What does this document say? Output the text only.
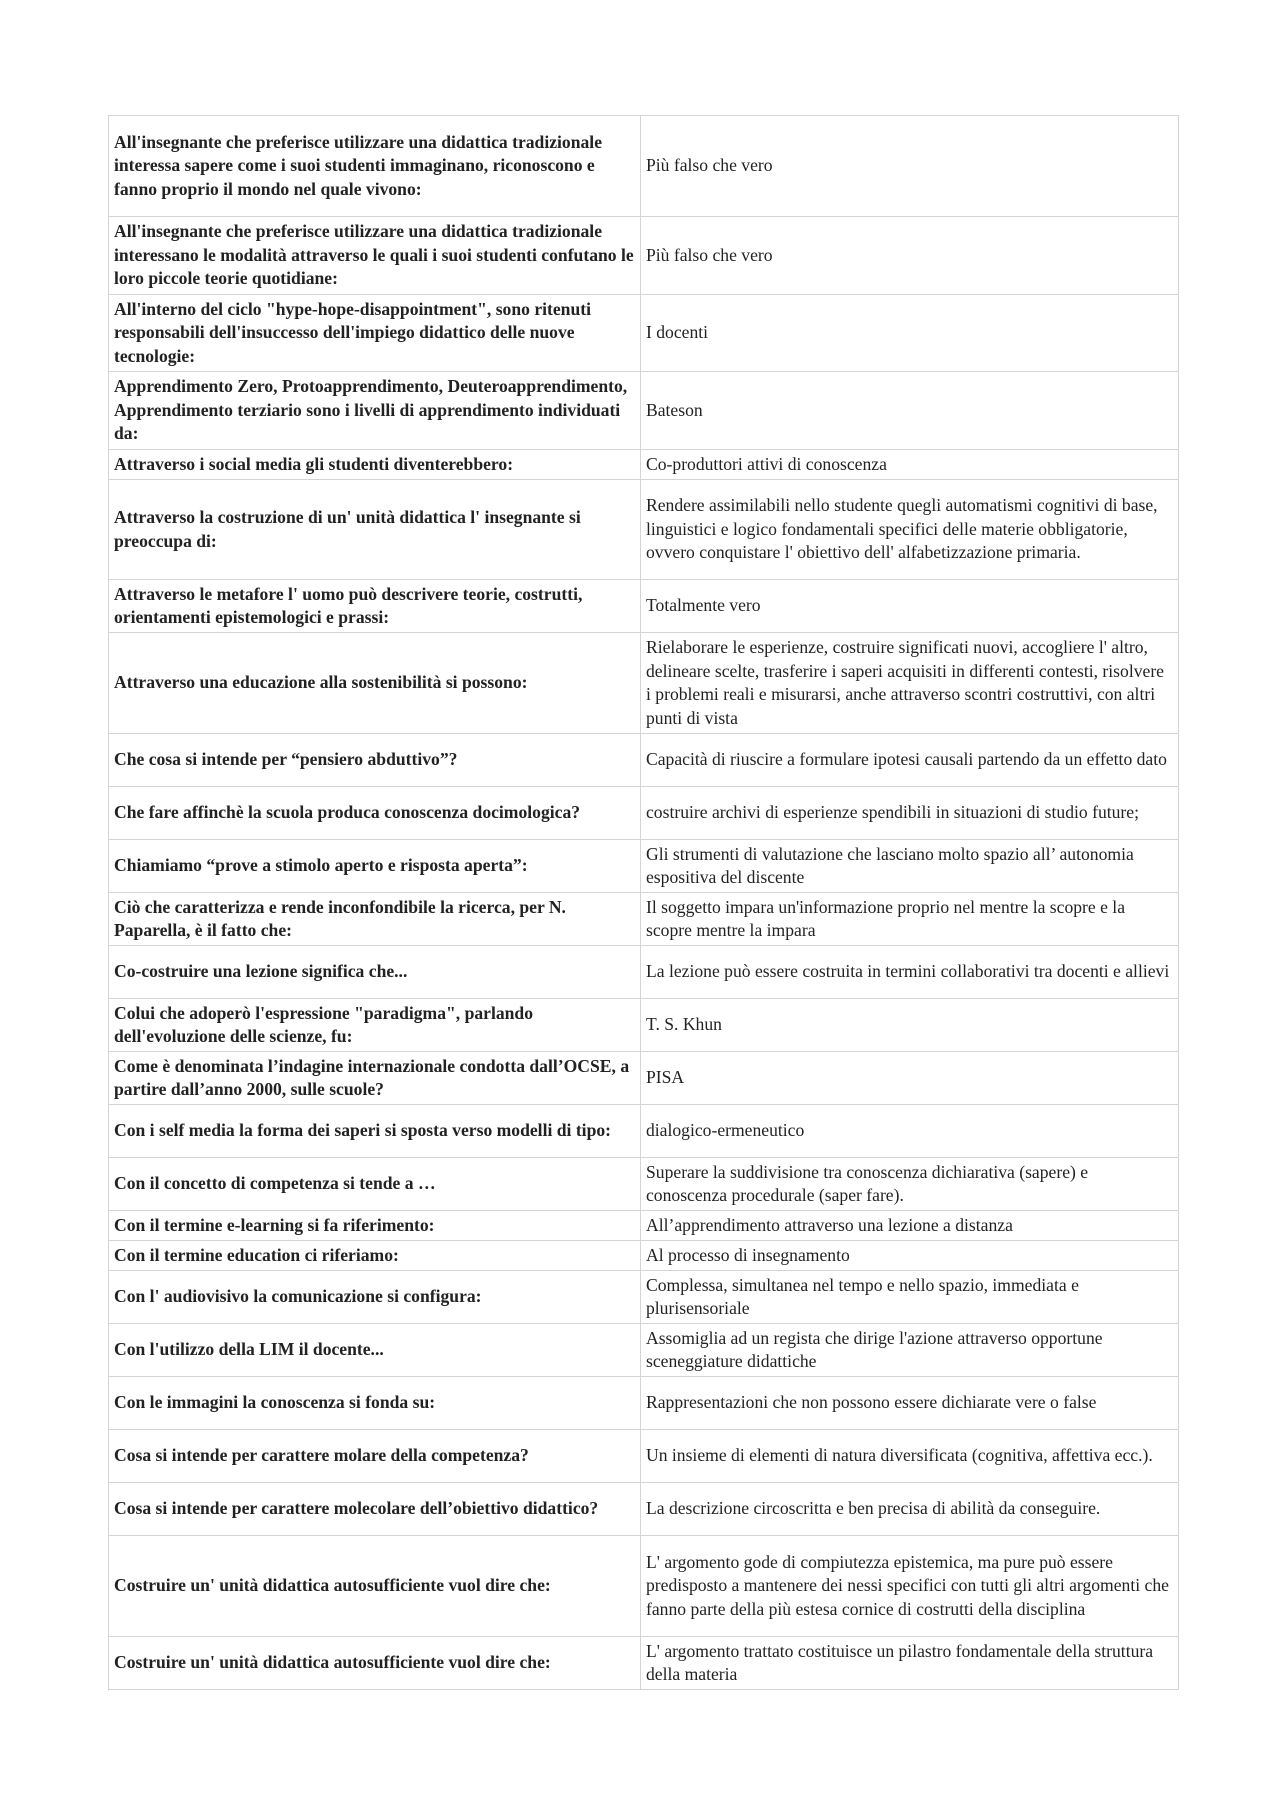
All'insegnante che preferisce utilizzare una didattica tradizionale interessa sapere come i suoi studenti immaginano, riconoscono e fanno proprio il mondo nel quale vivono:	Più falso che vero
All'insegnante che preferisce utilizzare una didattica tradizionale interessano le modalità attraverso le quali i suoi studenti confutano le loro piccole teorie quotidiane:	Più falso che vero
All'interno del ciclo "hype-hope-disappointment", sono ritenuti responsabili dell'insuccesso dell'impiego didattico delle nuove tecnologie:	I docenti
Apprendimento Zero, Protoapprendimento, Deuteroapprendimento, Apprendimento terziario sono i livelli di apprendimento individuati da:	Bateson
Attraverso i social media gli studenti diventerebbero:	Co-produttori attivi di conoscenza
Attraverso la costruzione di un' unità didattica l' insegnante si preoccupa di:	Rendere assimilabili nello studente quegli automatismi cognitivi di base, linguistici e logico fondamentali specifici delle materie obbligatorie, ovvero conquistare l' obiettivo dell' alfabetizzazione primaria.
Attraverso le metafore l' uomo può descrivere teorie, costrutti, orientamenti epistemologici e prassi:	Totalmente vero
Attraverso una educazione alla sostenibilità si possono:	Rielaborare le esperienze, costruire significati nuovi, accogliere l' altro, delineare scelte, trasferire i saperi acquisiti in differenti contesti, risolvere i problemi reali e misurarsi, anche attraverso scontri costruttivi, con altri punti di vista
Che cosa si intende per “pensiero abduttivo”?	Capacità di riuscire a formulare ipotesi causali partendo da un effetto dato
Che fare affinchè la scuola produca conoscenza docimologica?	costruire archivi di esperienze spendibili in situazioni di studio future;
Chiamiamo “prove a stimolo aperto e risposta aperta”:	Gli strumenti di valutazione che lasciano molto spazio all’ autonomia espositiva del discente
Ciò che caratterizza e rende inconfondibile la ricerca, per N. Paparella, è il fatto che:	Il soggetto impara un'informazione proprio nel mentre la scopre e la scopre mentre la impara
Co-costruire una lezione significa che...	La lezione può essere costruita in termini collaborativi tra docenti e allievi
Colui che adoperò l'espressione "paradigma", parlando dell'evoluzione delle scienze, fu:	T. S. Khun
Come è denominata l’indagine internazionale condotta dall’OCSE, a partire dall’anno 2000, sulle scuole?	PISA
Con i self media la forma dei saperi si sposta verso modelli di tipo:	dialogico-ermeneutico
Con il concetto di competenza si tende a …	Superare la suddivisione tra conoscenza dichiarativa (sapere) e conoscenza procedurale (saper fare).
Con il termine e-learning si fa riferimento:	All’apprendimento attraverso una lezione a distanza
Con il termine education ci riferiamo:	Al processo di insegnamento
Con l' audiovisivo la comunicazione si configura:	Complessa, simultanea nel tempo e nello spazio, immediata e plurisensoriale
Con l'utilizzo della LIM il docente...	Assomiglia ad un regista che dirige l'azione attraverso opportune sceneggiature didattiche
Con le immagini la conoscenza si fonda su:	Rappresentazioni che non possono essere dichiarate vere o false
Cosa si intende per carattere molare della competenza?	Un insieme di elementi di natura diversificata (cognitiva, affettiva ecc.).
Cosa si intende per carattere molecolare dell’obiettivo didattico?	La descrizione circoscritta e ben precisa di abilità da conseguire.
Costruire un' unità didattica autosufficiente vuol dire che:	L' argomento gode di compiutezza epistemica, ma pure può essere predisposto a mantenere dei nessi specifici con tutti gli altri argomenti che fanno parte della più estesa cornice di costrutti della disciplina
Costruire un' unità didattica autosufficiente vuol dire che:	L' argomento trattato costituisce un pilastro fondamentale della struttura della materia
